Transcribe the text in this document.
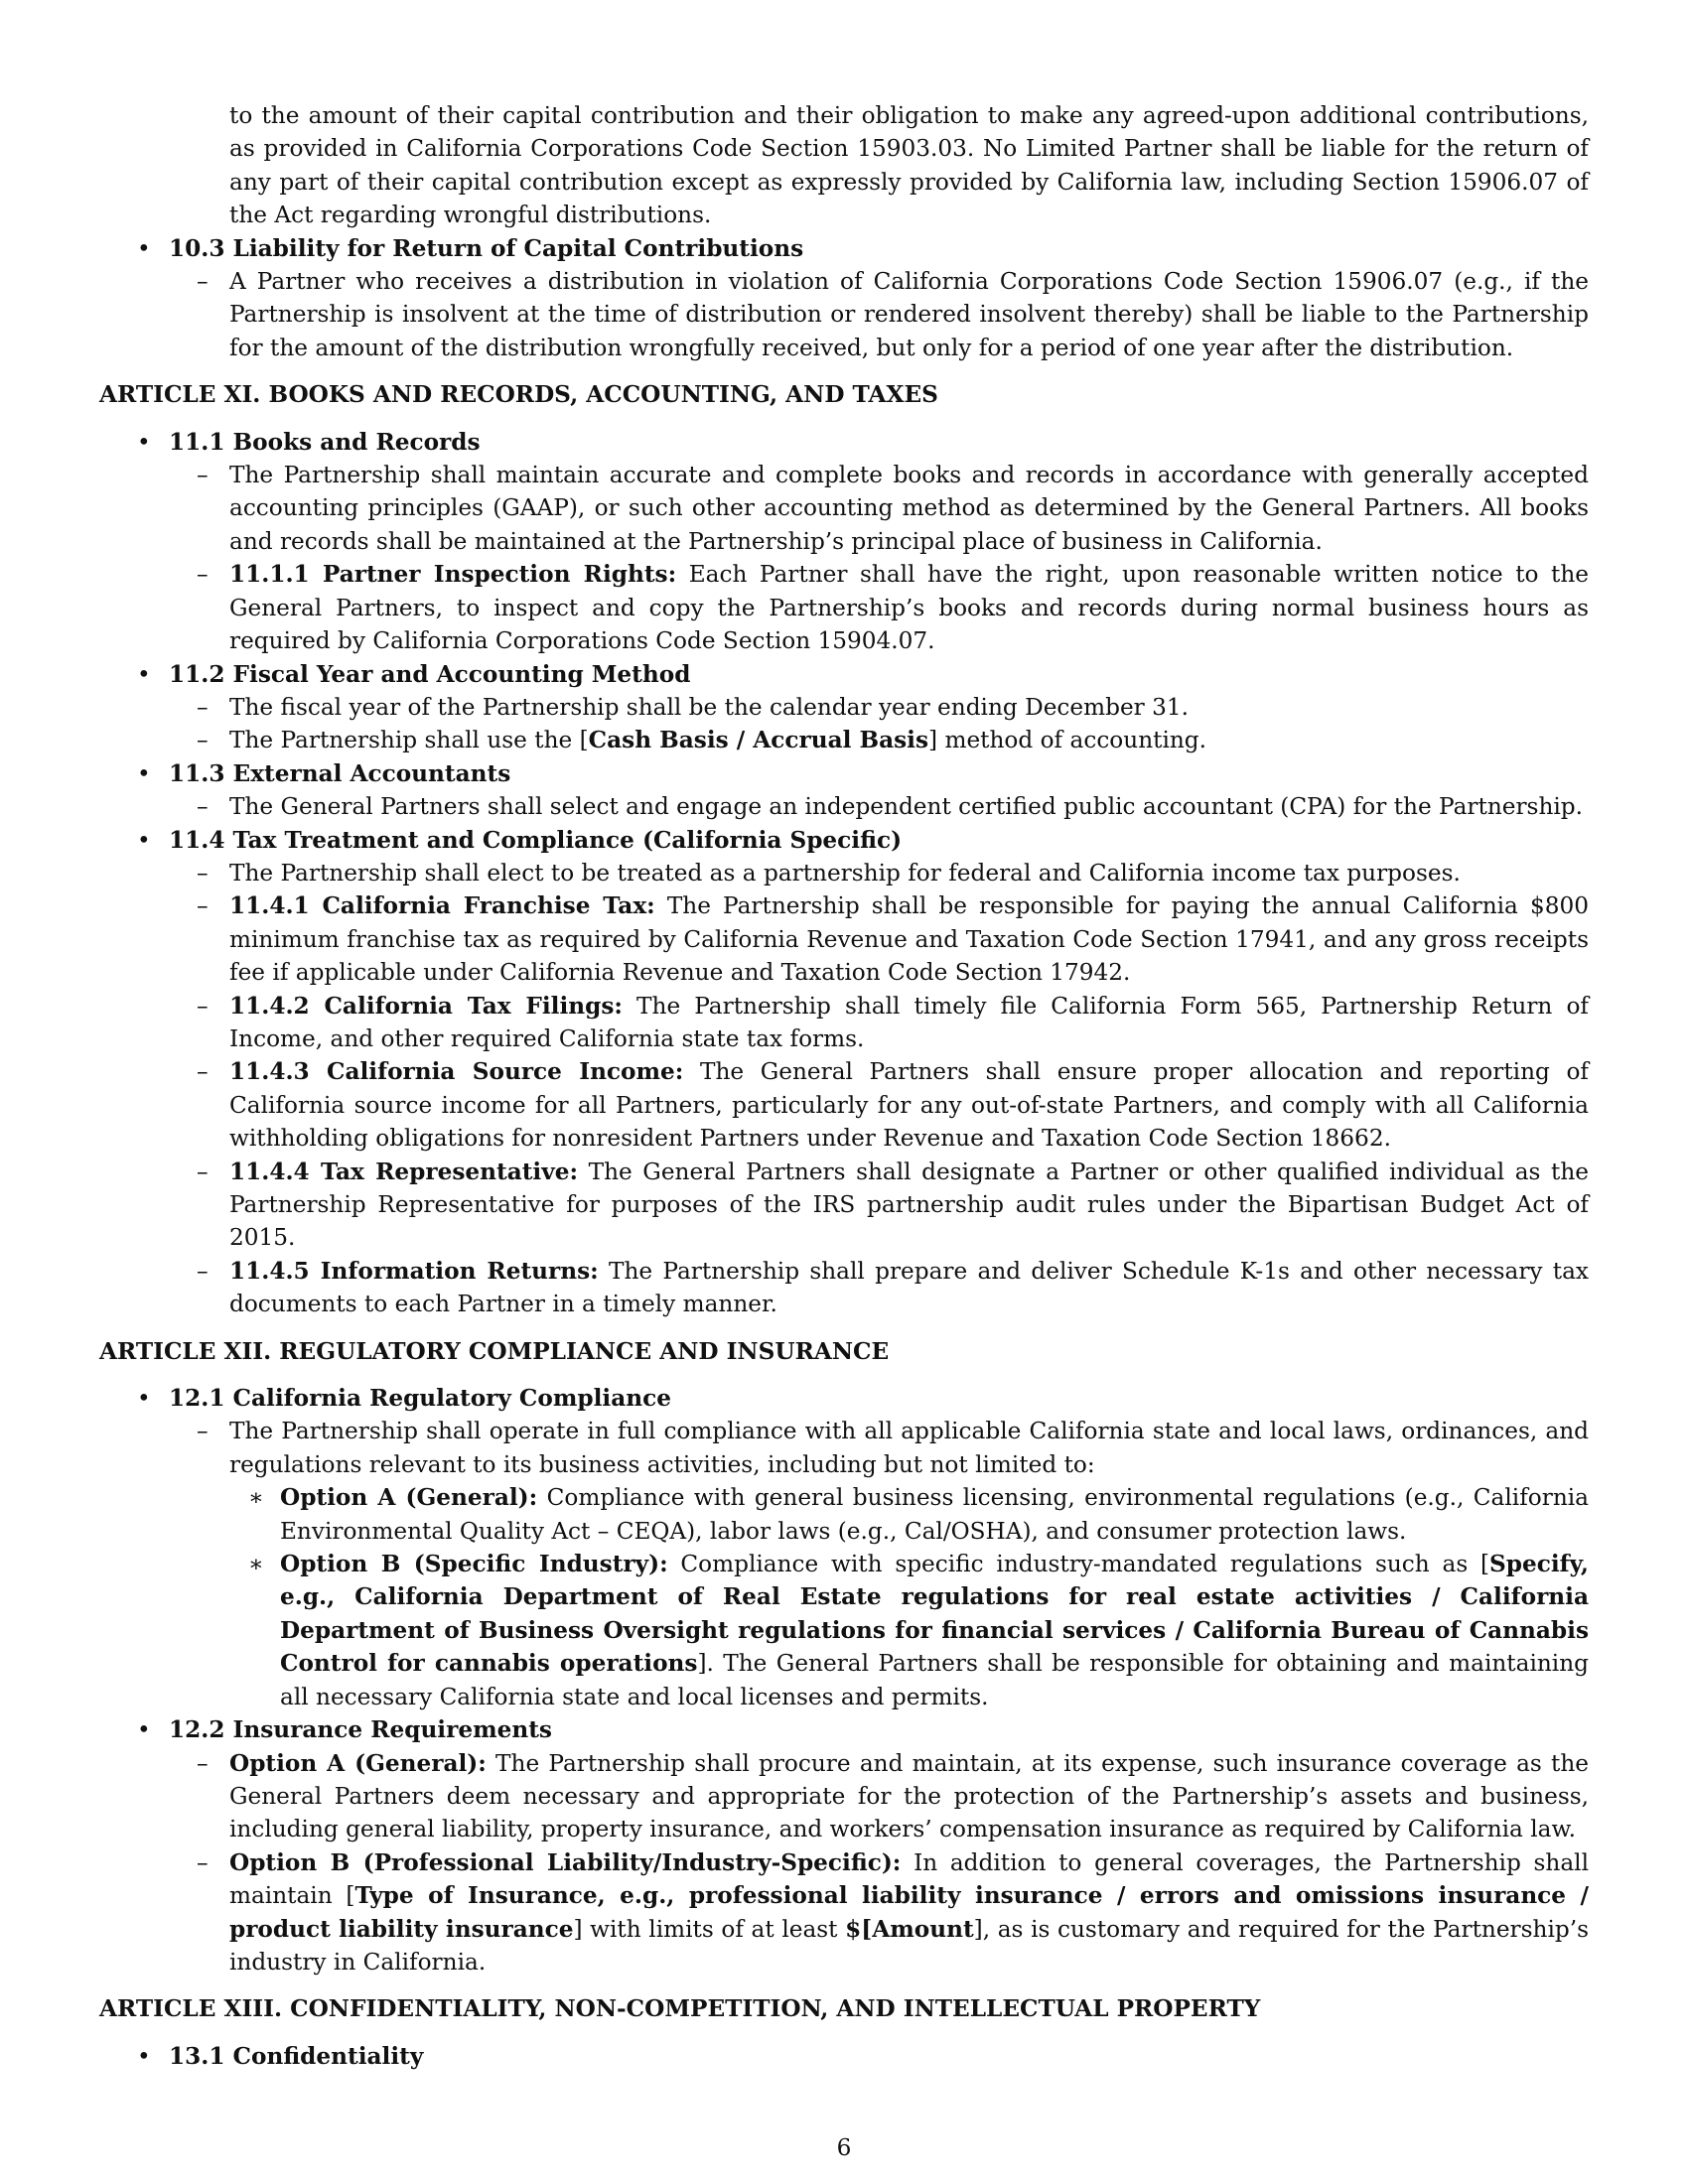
to the amount of their capital contribution and their obligation to make any agreed-upon additional contributions, as provided in California Corporations Code Section 15903.03. No Limited Partner shall be liable for the return of any part of their capital contribution except as expressly provided by California law, including Section 15906.07 of the Act regarding wrongful distributions.
• 10.3 Liability for Return of Capital Contributions
– A Partner who receives a distribution in violation of California Corporations Code Section 15906.07 (e.g., if the Partnership is insolvent at the time of distribution or rendered insolvent thereby) shall be liable to the Partnership for the amount of the distribution wrongfully received, but only for a period of one year after the distribution.
ARTICLE XI. BOOKS AND RECORDS, ACCOUNTING, AND TAXES
• 11.1 Books and Records
– The Partnership shall maintain accurate and complete books and records in accordance with generally accepted accounting principles (GAAP), or such other accounting method as determined by the General Partners. All books and records shall be maintained at the Partnership’s principal place of business in California.
– 11.1.1 Partner Inspection Rights: Each Partner shall have the right, upon reasonable written notice to the General Partners, to inspect and copy the Partnership’s books and records during normal business hours as required by California Corporations Code Section 15904.07.
• 11.2 Fiscal Year and Accounting Method
– The fiscal year of the Partnership shall be the calendar year ending December 31.
– The Partnership shall use the [Cash Basis / Accrual Basis] method of accounting.
• 11.3 External Accountants
– The General Partners shall select and engage an independent certified public accountant (CPA) for the Partnership.
• 11.4 Tax Treatment and Compliance (California Specific)
– The Partnership shall elect to be treated as a partnership for federal and California income tax purposes.
– 11.4.1 California Franchise Tax: The Partnership shall be responsible for paying the annual California $800 minimum franchise tax as required by California Revenue and Taxation Code Section 17941, and any gross receipts fee if applicable under California Revenue and Taxation Code Section 17942.
– 11.4.2 California Tax Filings: The Partnership shall timely file California Form 565, Partnership Return of Income, and other required California state tax forms.
– 11.4.3 California Source Income: The General Partners shall ensure proper allocation and reporting of California source income for all Partners, particularly for any out-of-state Partners, and comply with all California withholding obligations for nonresident Partners under Revenue and Taxation Code Section 18662.
– 11.4.4 Tax Representative: The General Partners shall designate a Partner or other qualified individual as the Partnership Representative for purposes of the IRS partnership audit rules under the Bipartisan Budget Act of 2015.
– 11.4.5 Information Returns: The Partnership shall prepare and deliver Schedule K-1s and other necessary tax documents to each Partner in a timely manner.
ARTICLE XII. REGULATORY COMPLIANCE AND INSURANCE
• 12.1 California Regulatory Compliance
– The Partnership shall operate in full compliance with all applicable California state and local laws, ordinances, and regulations relevant to its business activities, including but not limited to:
∗ Option A (General): Compliance with general business licensing, environmental regulations (e.g., California Environmental Quality Act – CEQA), labor laws (e.g., Cal/OSHA), and consumer protection laws.
∗ Option B (Specific Industry): Compliance with specific industry-mandated regulations such as [Specify, e.g., California Department of Real Estate regulations for real estate activities / California Department of Business Oversight regulations for financial services / California Bureau of Cannabis Control for cannabis operations]. The General Partners shall be responsible for obtaining and maintaining all necessary California state and local licenses and permits.
• 12.2 Insurance Requirements
– Option A (General): The Partnership shall procure and maintain, at its expense, such insurance coverage as the General Partners deem necessary and appropriate for the protection of the Partnership’s assets and business, including general liability, property insurance, and workers’ compensation insurance as required by California law.
– Option B (Professional Liability/Industry-Specific): In addition to general coverages, the Partnership shall maintain [Type of Insurance, e.g., professional liability insurance / errors and omissions insurance / product liability insurance] with limits of at least $[Amount], as is customary and required for the Partnership’s industry in California.
ARTICLE XIII. CONFIDENTIALITY, NON-COMPETITION, AND INTELLECTUAL PROPERTY
• 13.1 Confidentiality
6
